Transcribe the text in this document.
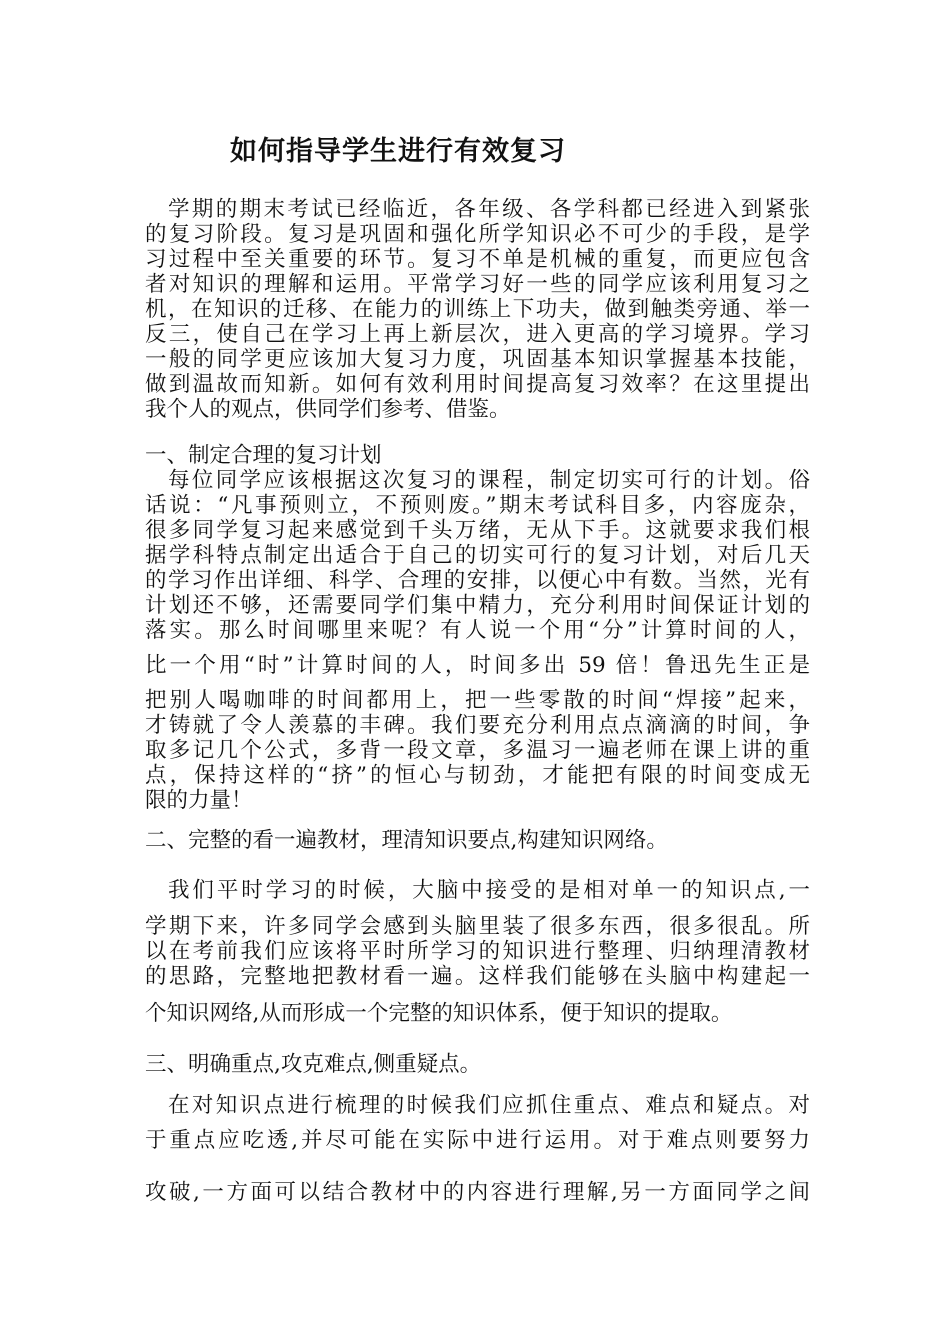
如何指导学生进行有效复习
学期的期末考试已经临近，各年级、各学科都已经进入到紧张
的复习阶段。复习是巩固和强化所学知识必不可少的手段，是学
习过程中至关重要的环节。复习不单是机械的重复，而更应包含
者对知识的理解和运用。平常学习好一些的同学应该利用复习之
机，在知识的迁移、在能力的训练上下功夫，做到触类旁通、举一
反三，使自己在学习上再上新层次，进入更高的学习境界。学习
一般的同学更应该加大复习力度，巩固基本知识掌握基本技能，
做到温故而知新。如何有效利用时间提高复习效率？在这里提出
我个人的观点，供同学们参考、借鉴。
一、制定合理的复习计划
每位同学应该根据这次复习的课程，制定切实可行的计划。俗
话说：“凡事预则立，不预则废。”期末考试科目多，内容庞杂，
很多同学复习起来感觉到千头万绪，无从下手。这就要求我们根
据学科特点制定出适合于自己的切实可行的复习计划，对后几天
的学习作出详细、科学、合理的安排，以便心中有数。当然，光有
计划还不够，还需要同学们集中精力，充分利用时间保证计划的
落实。那么时间哪里来呢？有人说一个用“分”计算时间的人，
比一个用“时”计算时间的人，时间多出 59 倍！鲁迅先生正是
把别人喝咖啡的时间都用上，把一些零散的时间“焊接”起来，
才铸就了令人羡慕的丰碑。我们要充分利用点点滴滴的时间，争
取多记几个公式，多背一段文章，多温习一遍老师在课上讲的重
点，保持这样的“挤”的恒心与韧劲，才能把有限的时间变成无
限的力量！
二、完整的看一遍教材，理清知识要点,构建知识网络。
我们平时学习的时候，大脑中接受的是相对单一的知识点,一
学期下来，许多同学会感到头脑里装了很多东西，很多很乱。所
以在考前我们应该将平时所学习的知识进行整理、归纳理清教材
的思路，完整地把教材看一遍。这样我们能够在头脑中构建起一
个知识网络,从而形成一个完整的知识体系，便于知识的提取。
三、明确重点,攻克难点,侧重疑点。
在对知识点进行梳理的时候我们应抓住重点、难点和疑点。对
于重点应吃透,并尽可能在实际中进行运用。对于难点则要努力
攻破,一方面可以结合教材中的内容进行理解,另一方面同学之间
